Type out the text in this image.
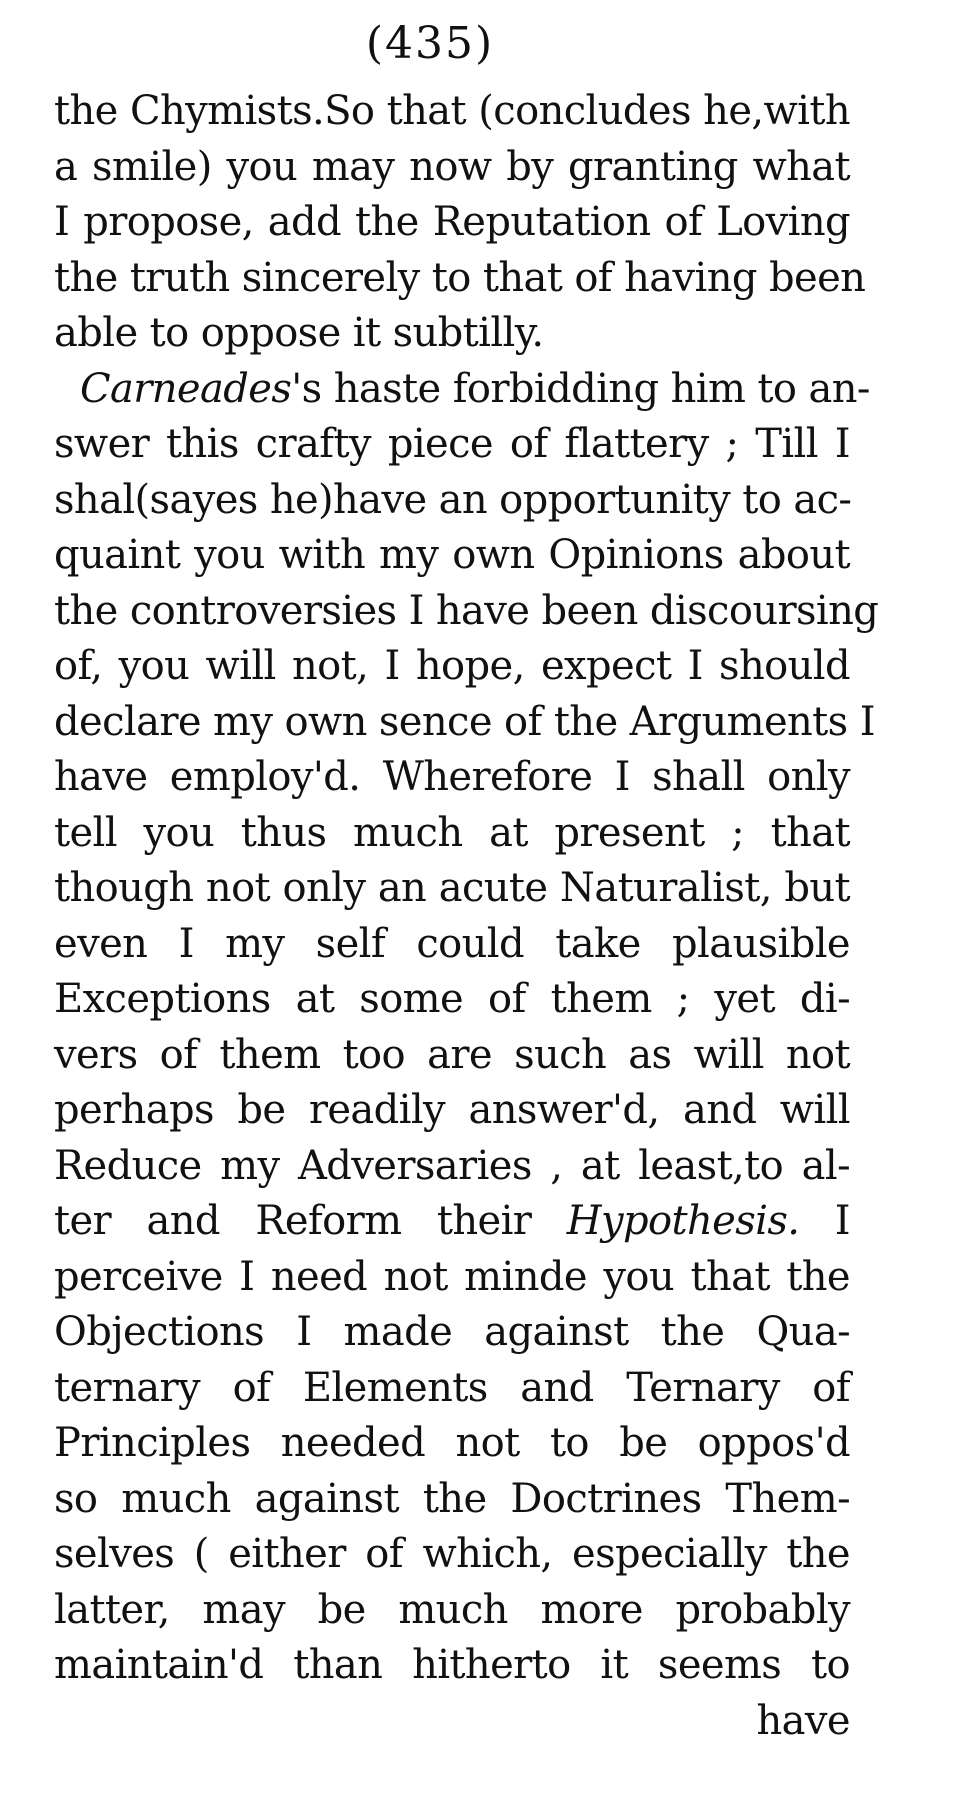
(435)
the Chymists.So that (concludes he,with
a smile) you may now by granting what
I propose, add the Reputation of Loving
the truth sincerely to that of having been
able to oppose it subtilly.
Carneades's haste forbidding him to an-
swer this crafty piece of flattery ; Till I
shal(sayes he)have an opportunity to ac-
quaint you with my own Opinions about
the controversies I have been discoursing
of, you will not, I hope, expect I should
declare my own sence of the Arguments I
have employ'd. Wherefore I shall only
tell you thus much at present ; that
though not only an acute Naturalist, but
even I my self could take plausible
Exceptions at some of them ; yet di-
vers of them too are such as will not
perhaps be readily answer'd, and will
Reduce my Adversaries , at least,to al-
ter and Reform their Hypothesis. I
perceive I need not minde you that the
Objections I made against the Qua-
ternary of Elements and Ternary of
Principles needed not to be oppos'd
so much against the Doctrines Them-
selves ( either of which, especially the
latter, may be much more probably
maintain'd than hitherto it seems to
have
